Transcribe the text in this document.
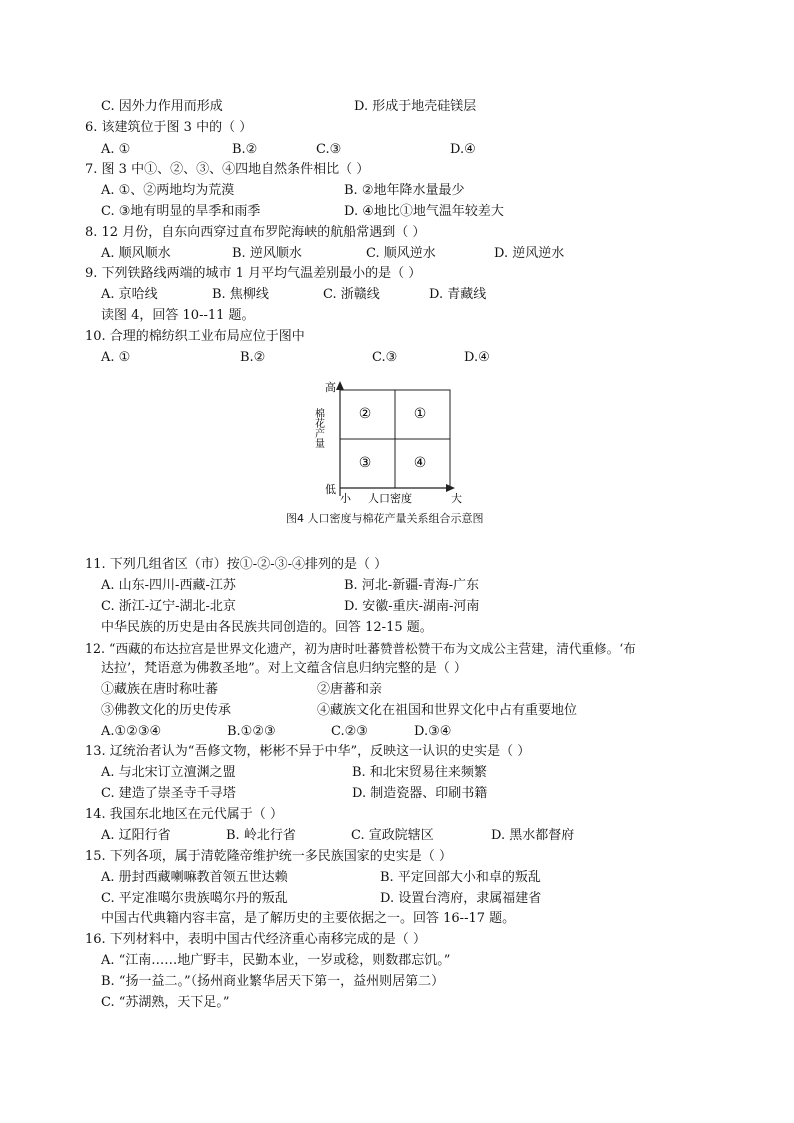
C. 因外力作用而形成	D. 形成于地壳硅镁层
6. 该建筑位于图 3 中的（ ）
A. ①	B.②	C.③	D.④
7. 图 3 中①、②、③、④四地自然条件相比（ ）
A. ①、②两地均为荒漠	B. ②地年降水量最少
C. ③地有明显的旱季和雨季	D. ④地比①地气温年较差大
8. 12 月份，自东向西穿过直布罗陀海峡的航船常遇到（ ）
A. 顺风顺水	B. 逆风顺水	C. 顺风逆水	D. 逆风逆水
9. 下列铁路线两端的城市 1 月平均气温差别最小的是（ ）
A. 京哈线	B. 焦柳线	C. 浙赣线	D. 青藏线
读图 4，回答 10--11 题。
10. 合理的棉纺织工业布局应位于图中
A. ①	B.②	C.③	D.④
②	①
③	④
高
低
棉花产量
小 人口密度	大
图4 人口密度与棉花产量关系组合示意图
11. 下列几组省区（市）按①-②-③-④排列的是（ ）
A. 山东-四川-西藏-江苏	B. 河北-新疆-青海-广东
C. 浙江-辽宁-湖北-北京	D. 安徽-重庆-湖南-河南
中华民族的历史是由各民族共同创造的。回答 12-15 题。
12. “西藏的布达拉宫是世界文化遗产，初为唐时吐蕃赞普松赞干布为文成公主营建，清代重修。‘布
达拉’，梵语意为佛教圣地”。对上文蕴含信息归纳完整的是（ ）
①藏族在唐时称吐蕃	②唐蕃和亲
③佛教文化的历史传承	④藏族文化在祖国和世界文化中占有重要地位
A.①②③④	B.①②③	C.②③	D.③④
13. 辽统治者认为“吾修文物，彬彬不异于中华”，反映这一认识的史实是（ ）
A. 与北宋订立澶渊之盟	B. 和北宋贸易往来频繁
C. 建造了崇圣寺千寻塔	D. 制造瓷器、印刷书籍
14. 我国东北地区在元代属于（ ）
A. 辽阳行省	B. 岭北行省	C. 宣政院辖区	D. 黑水都督府
15. 下列各项，属于清乾隆帝维护统一多民族国家的史实是（ ）
A. 册封西藏喇嘛教首领五世达赖	B. 平定回部大小和卓的叛乱
C. 平定准噶尔贵族噶尔丹的叛乱	D. 设置台湾府，隶属福建省
中国古代典籍内容丰富，是了解历史的主要依据之一。回答 16--17 题。
16. 下列材料中，表明中国古代经济重心南移完成的是（ ）
A. “江南……地广野丰，民勤本业，一岁或稔，则数郡忘饥。”
B. “扬一益二。”（扬州商业繁华居天下第一，益州则居第二）
C. “苏湖熟，天下足。”
